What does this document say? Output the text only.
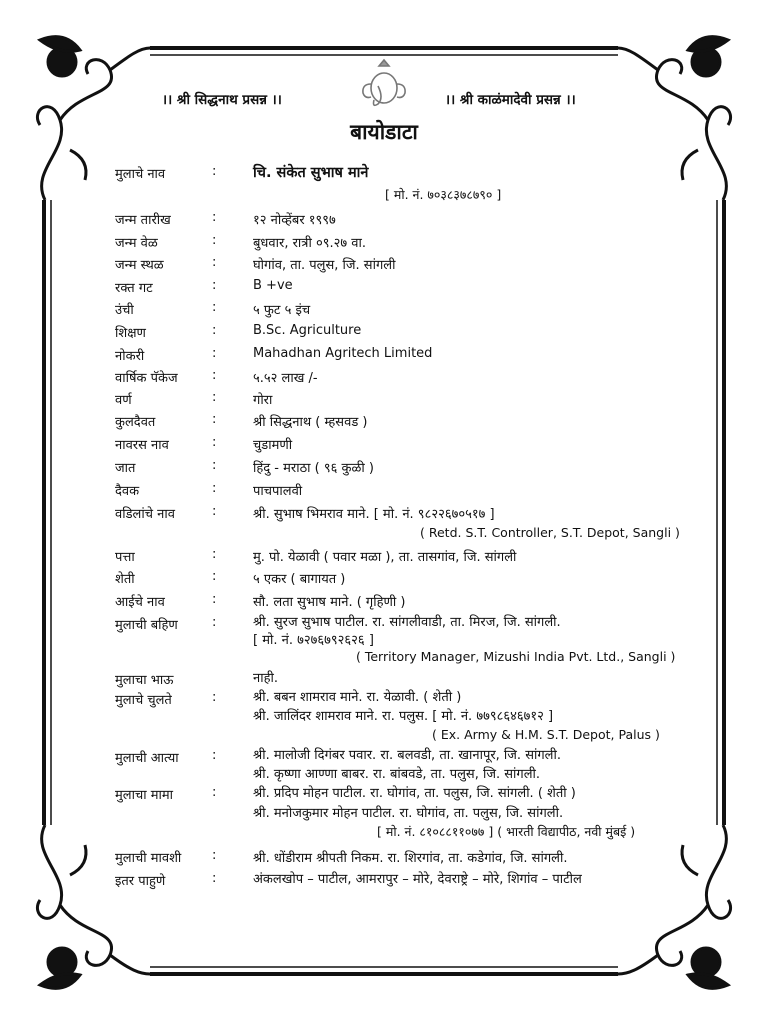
।। श्री सिद्धनाथ प्रसन्न ।।	।। श्री काळंमादेवी प्रसन्न ।।
बायोडाटा
मुलाचे नाव	:	चि. संकेत सुभाष माने
[ मो. नं. ७०३८३७८७९० ]
जन्म तारीख	:	१२ नोव्हेंबर १९९७
जन्म वेळ	:	बुधवार, रात्री ०९.२७ वा.
जन्म स्थळ	:	घोगांव, ता. पलुस, जि. सांगली
रक्त गट	:	B +ve
उंची	:	५ फुट ५ इंच
शिक्षण	:	B.Sc. Agriculture
नोकरी	:	Mahadhan Agritech Limited
वार्षिक पॅकेज	:	५.५२ लाख /-
वर्ण	:	गोरा
कुलदैवत	:	श्री सिद्धनाथ ( म्हसवड )
नावरस नाव	:	चुडामणी
जात	:	हिंदु - मराठा ( ९६ कुळी )
दैवक	:	पाचपालवी
वडिलांचे नाव	:	श्री. सुभाष भिमराव माने. [ मो. नं. ९८२२६७०५१७ ]
( Retd. S.T. Controller, S.T. Depot, Sangli )
पत्ता	:	मु. पो. येळावी ( पवार मळा ), ता. तासगांव, जि. सांगली
शेती	:	५ एकर ( बागायत )
आईचे नाव	:	सौ. लता सुभाष माने. ( गृहिणी )
मुलाची बहिण	:	श्री. सुरज सुभाष पाटील. रा. सांगलीवाडी, ता. मिरज, जि. सांगली.
[ मो. नं. ७२७६७९२६२६ ]
( Territory Manager, Mizushi India Pvt. Ltd., Sangli )
मुलाचा भाऊ	नाही.
मुलाचे चुलते	:	श्री. बबन शामराव माने. रा. येळावी. ( शेती )
श्री. जालिंदर शामराव माने. रा. पलुस. [ मो. नं. ७७९८६४६७१२ ]
( Ex. Army & H.M. S.T. Depot, Palus )
मुलाची आत्या	:	श्री. मालोजी दिगंबर पवार. रा. बलवडी, ता. खानापूर, जि. सांगली.
श्री. कृष्णा आण्णा बाबर. रा. बांबवडे, ता. पलुस, जि. सांगली.
मुलाचा मामा	:	श्री. प्रदिप मोहन पाटील. रा. घोगांव, ता. पलुस, जि. सांगली. ( शेती )
श्री. मनोजकुमार मोहन पाटील. रा. घोगांव, ता. पलुस, जि. सांगली.
[ मो. नं. ८१०८८११०७७ ] ( भारती विद्यापीठ, नवी मुंबई )
मुलाची मावशी :	श्री. धोंडीराम श्रीपती निकम. रा. शिरगांव, ता. कडेगांव, जि. सांगली.
इतर पाहुणे	:	अंकलखोप – पाटील, आमरापुर – मोरे, देवराष्ट्रे – मोरे, शिगांव – पाटील
